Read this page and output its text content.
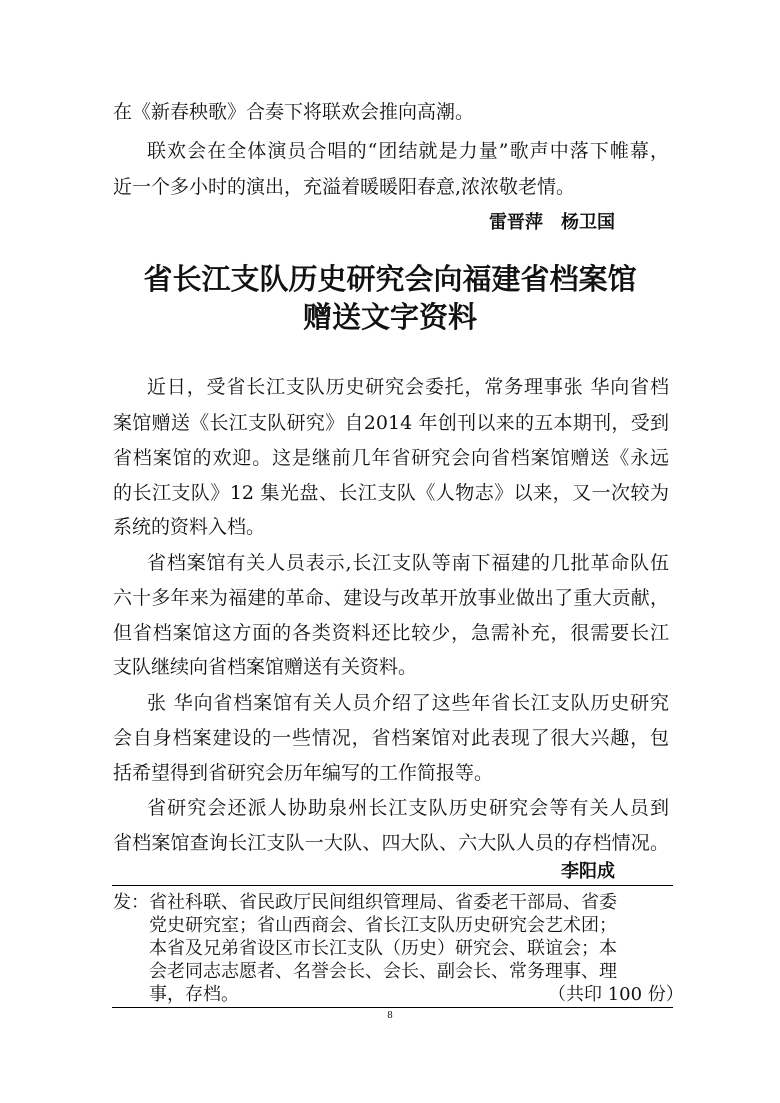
在《新春秧歌》合奏下将联欢会推向高潮。
联欢会在全体演员合唱的“团结就是力量”歌声中落下帷幕，
近一个多小时的演出，充溢着暖暖阳春意,浓浓敬老情。
雷晋萍　杨卫国
省长江支队历史研究会向福建省档案馆
赠送文字资料
近日，受省长江支队历史研究会委托，常务理事张 华向省档
案馆赠送《长江支队研究》自2014 年创刊以来的五本期刊，受到
省档案馆的欢迎。这是继前几年省研究会向省档案馆赠送《永远
的长江支队》12 集光盘、长江支队《人物志》以来，又一次较为
系统的资料入档。
省档案馆有关人员表示,长江支队等南下福建的几批革命队伍
六十多年来为福建的革命、建设与改革开放事业做出了重大贡献，
但省档案馆这方面的各类资料还比较少，急需补充，很需要长江
支队继续向省档案馆赠送有关资料。
张 华向省档案馆有关人员介绍了这些年省长江支队历史研究
会自身档案建设的一些情况，省档案馆对此表现了很大兴趣，包
括希望得到省研究会历年编写的工作简报等。
省研究会还派人协助泉州长江支队历史研究会等有关人员到
省档案馆查询长江支队一大队、四大队、六大队人员的存档情况。
李阳成
发：省社科联、省民政厅民间组织管理局、省委老干部局、省委
党史研究室；省山西商会、省长江支队历史研究会艺术团；
本省及兄弟省设区市长江支队（历史）研究会、联谊会；本
会老同志志愿者、名誉会长、会长、副会长、常务理事、理
事，存档。	（共印 100 份）
8
